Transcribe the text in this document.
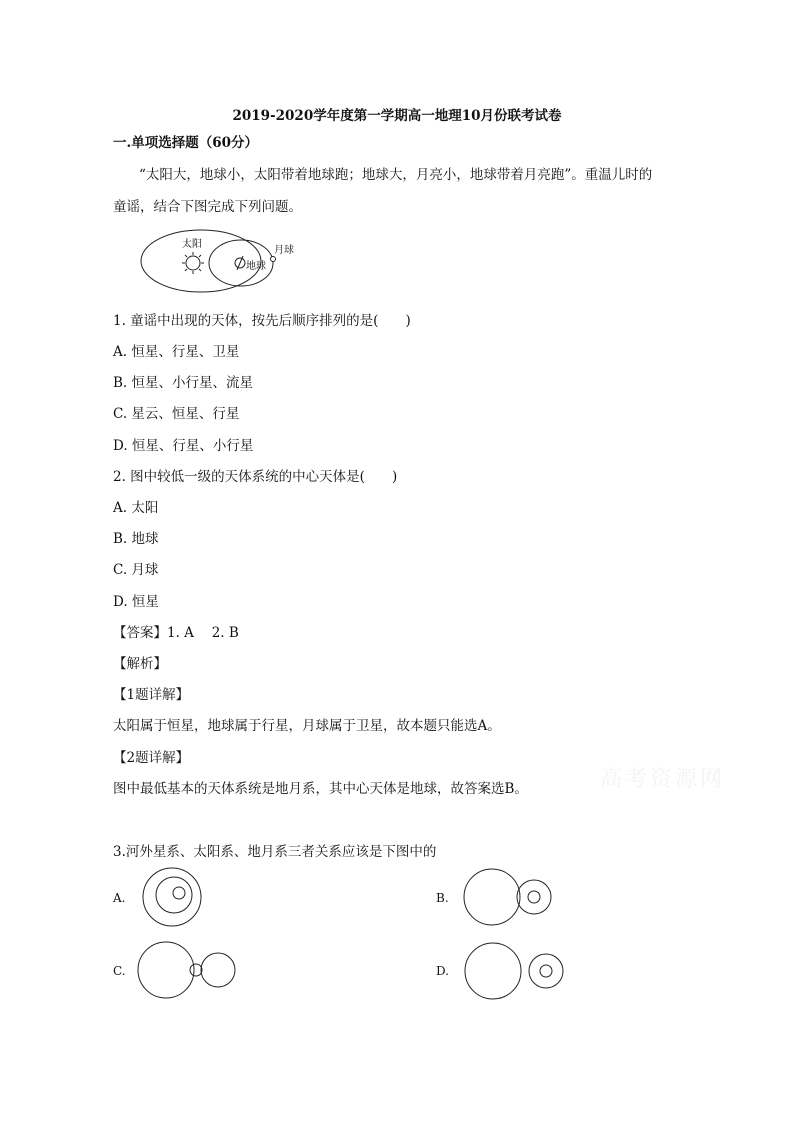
2019-2020学年度第一学期高一地理10月份联考试卷
一.单项选择题（60分）
“太阳大，地球小，太阳带着地球跑；地球大，月亮小，地球带着月亮跑”。重温儿时的
童谣，结合下图完成下列问题。
太阳
地球
月球
1. 童谣中出现的天体，按先后顺序排列的是(　　)
A. 恒星、行星、卫星
B. 恒星、小行星、流星
C. 星云、恒星、行星
D. 恒星、行星、小行星
2. 图中较低一级的天体系统的中心天体是(　　)
A. 太阳
B. 地球
C. 月球
D. 恒星
【答案】1. A　 2. B
【解析】
【1题详解】
太阳属于恒星，地球属于行星，月球属于卫星，故本题只能选A。
【2题详解】
图中最低基本的天体系统是地月系，其中心天体是地球，故答案选B。	高考资源网
3.河外星系、太阳系、地月系三者关系应该是下图中的
A.	B.
C.	D.
